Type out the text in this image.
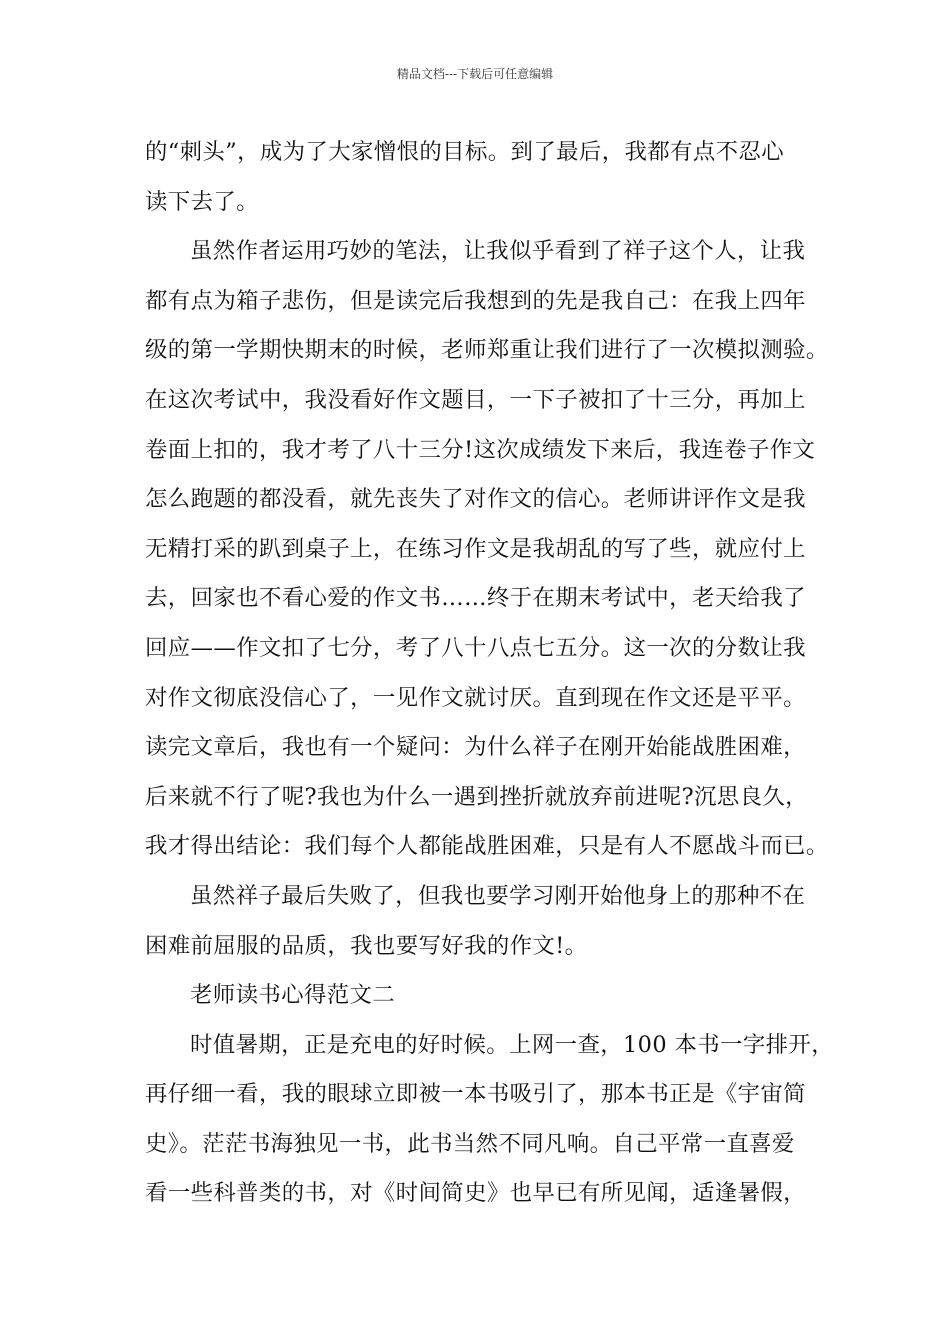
精品文档---下载后可任意编辑
的“刺头”，成为了大家憎恨的目标。到了最后，我都有点不忍心
读下去了。
虽然作者运用巧妙的笔法，让我似乎看到了祥子这个人，让我
都有点为箱子悲伤，但是读完后我想到的先是我自己：在我上四年
级的第一学期快期末的时候，老师郑重让我们进行了一次模拟测验。
在这次考试中，我没看好作文题目，一下子被扣了十三分，再加上
卷面上扣的，我才考了八十三分!这次成绩发下来后，我连卷子作文
怎么跑题的都没看，就先丧失了对作文的信心。老师讲评作文是我
无精打采的趴到桌子上，在练习作文是我胡乱的写了些，就应付上
去，回家也不看心爱的作文书……终于在期末考试中，老天给我了
回应——作文扣了七分，考了八十八点七五分。这一次的分数让我
对作文彻底没信心了，一见作文就讨厌。直到现在作文还是平平。
读完文章后，我也有一个疑问：为什么祥子在刚开始能战胜困难，
后来就不行了呢?我也为什么一遇到挫折就放弃前进呢?沉思良久，
我才得出结论：我们每个人都能战胜困难，只是有人不愿战斗而已。
虽然祥子最后失败了，但我也要学习刚开始他身上的那种不在
困难前屈服的品质，我也要写好我的作文!。
老师读书心得范文二
时值暑期，正是充电的好时候。上网一查，100 本书一字排开，
再仔细一看，我的眼球立即被一本书吸引了，那本书正是《宇宙简
史》。茫茫书海独见一书，此书当然不同凡响。自己平常一直喜爱
看一些科普类的书，对《时间简史》也早已有所见闻，适逢暑假，
